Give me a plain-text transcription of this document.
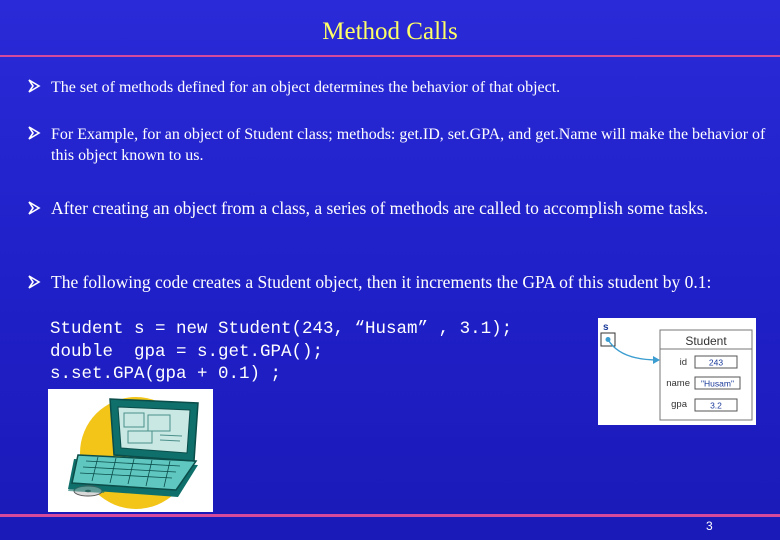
Method Calls
The set of methods defined for an object determines the behavior of that object.
For Example, for an object of Student class; methods: get.ID, set.GPA, and get.Name will make the behavior of this object known to us.
After creating an object from a class, a series of methods are called to accomplish some tasks.
The following code creates a Student object, then it increments the GPA of this student by 0.1:
Student s = new Student(243, “Husam” , 3.1);
double  gpa = s.get.GPA();
s.set.GPA(gpa + 0.1) ;
s
Student
id	243
name "Husam"
gpa	3.2
3
